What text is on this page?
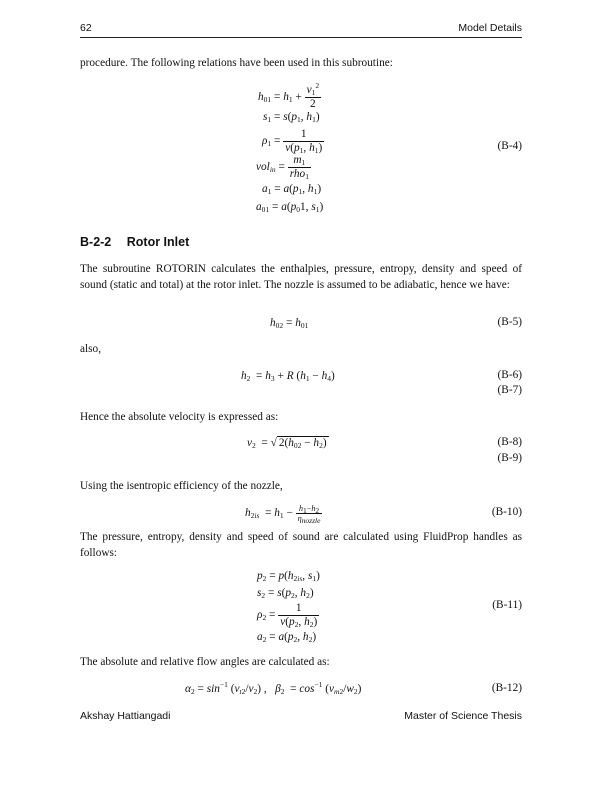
62	Model Details
procedure. The following relations have been used in this subroutine:
$h_{01} = h_1 + \frac{v_1^2}{2}$
$s_1 = s(p_1$, $h_1$)
$\rho_1 = \frac{1}{\nu(p_1, h_1)}$
$vol_{in} = \frac{m_1}{rho_1}$
$a_1 = a(p_1$, $h_1$)
$a_{01} = a(p_01$, $s_1$)
(B-4)
B-2-2 Rotor Inlet
The subroutine ROTORIN calculates the enthalpies, pressure, entropy, density and speed of sound (static and total) at the rotor inlet. The nozzle is assumed to be adiabatic, hence we have:
$h_{02} = h_{01}$	(B-5)
also,
$h_2 = h_3 + R$ $(h_1 - h_4)$	(B-6)
(B-7)
Hence the absolute velocity is expressed as:
$v_2$  = √ $2(h_{02} - h_2)$	(B-8)
(B-9)
Using the isentropic efficiency of the nozzle,
$h_{2is} = h_1 - \frac{h_1-h_2}{\eta_{nozzle}}$	(B-10)
The pressure, entropy, density and speed of sound are calculated using FluidProp handles as follows:
$p_2 = p(h_{2is}$, $s_1$)
$s_2 = s(p_2$, $h_2$)
$\rho_2 = \frac{1}{\nu(p_2, h_2)}$
$a_2 = a(p_2$, $h_2$)
(B-11)
The absolute and relative flow angles are calculated as:
$\alpha_2 = \sin^{-1} (v_{t2}/v_2)$ ,   $\beta_2 = \cos^{-1} (v_{m2}/w_2)$	(B-12)
Akshay Hattiangadi	Master of Science Thesis
